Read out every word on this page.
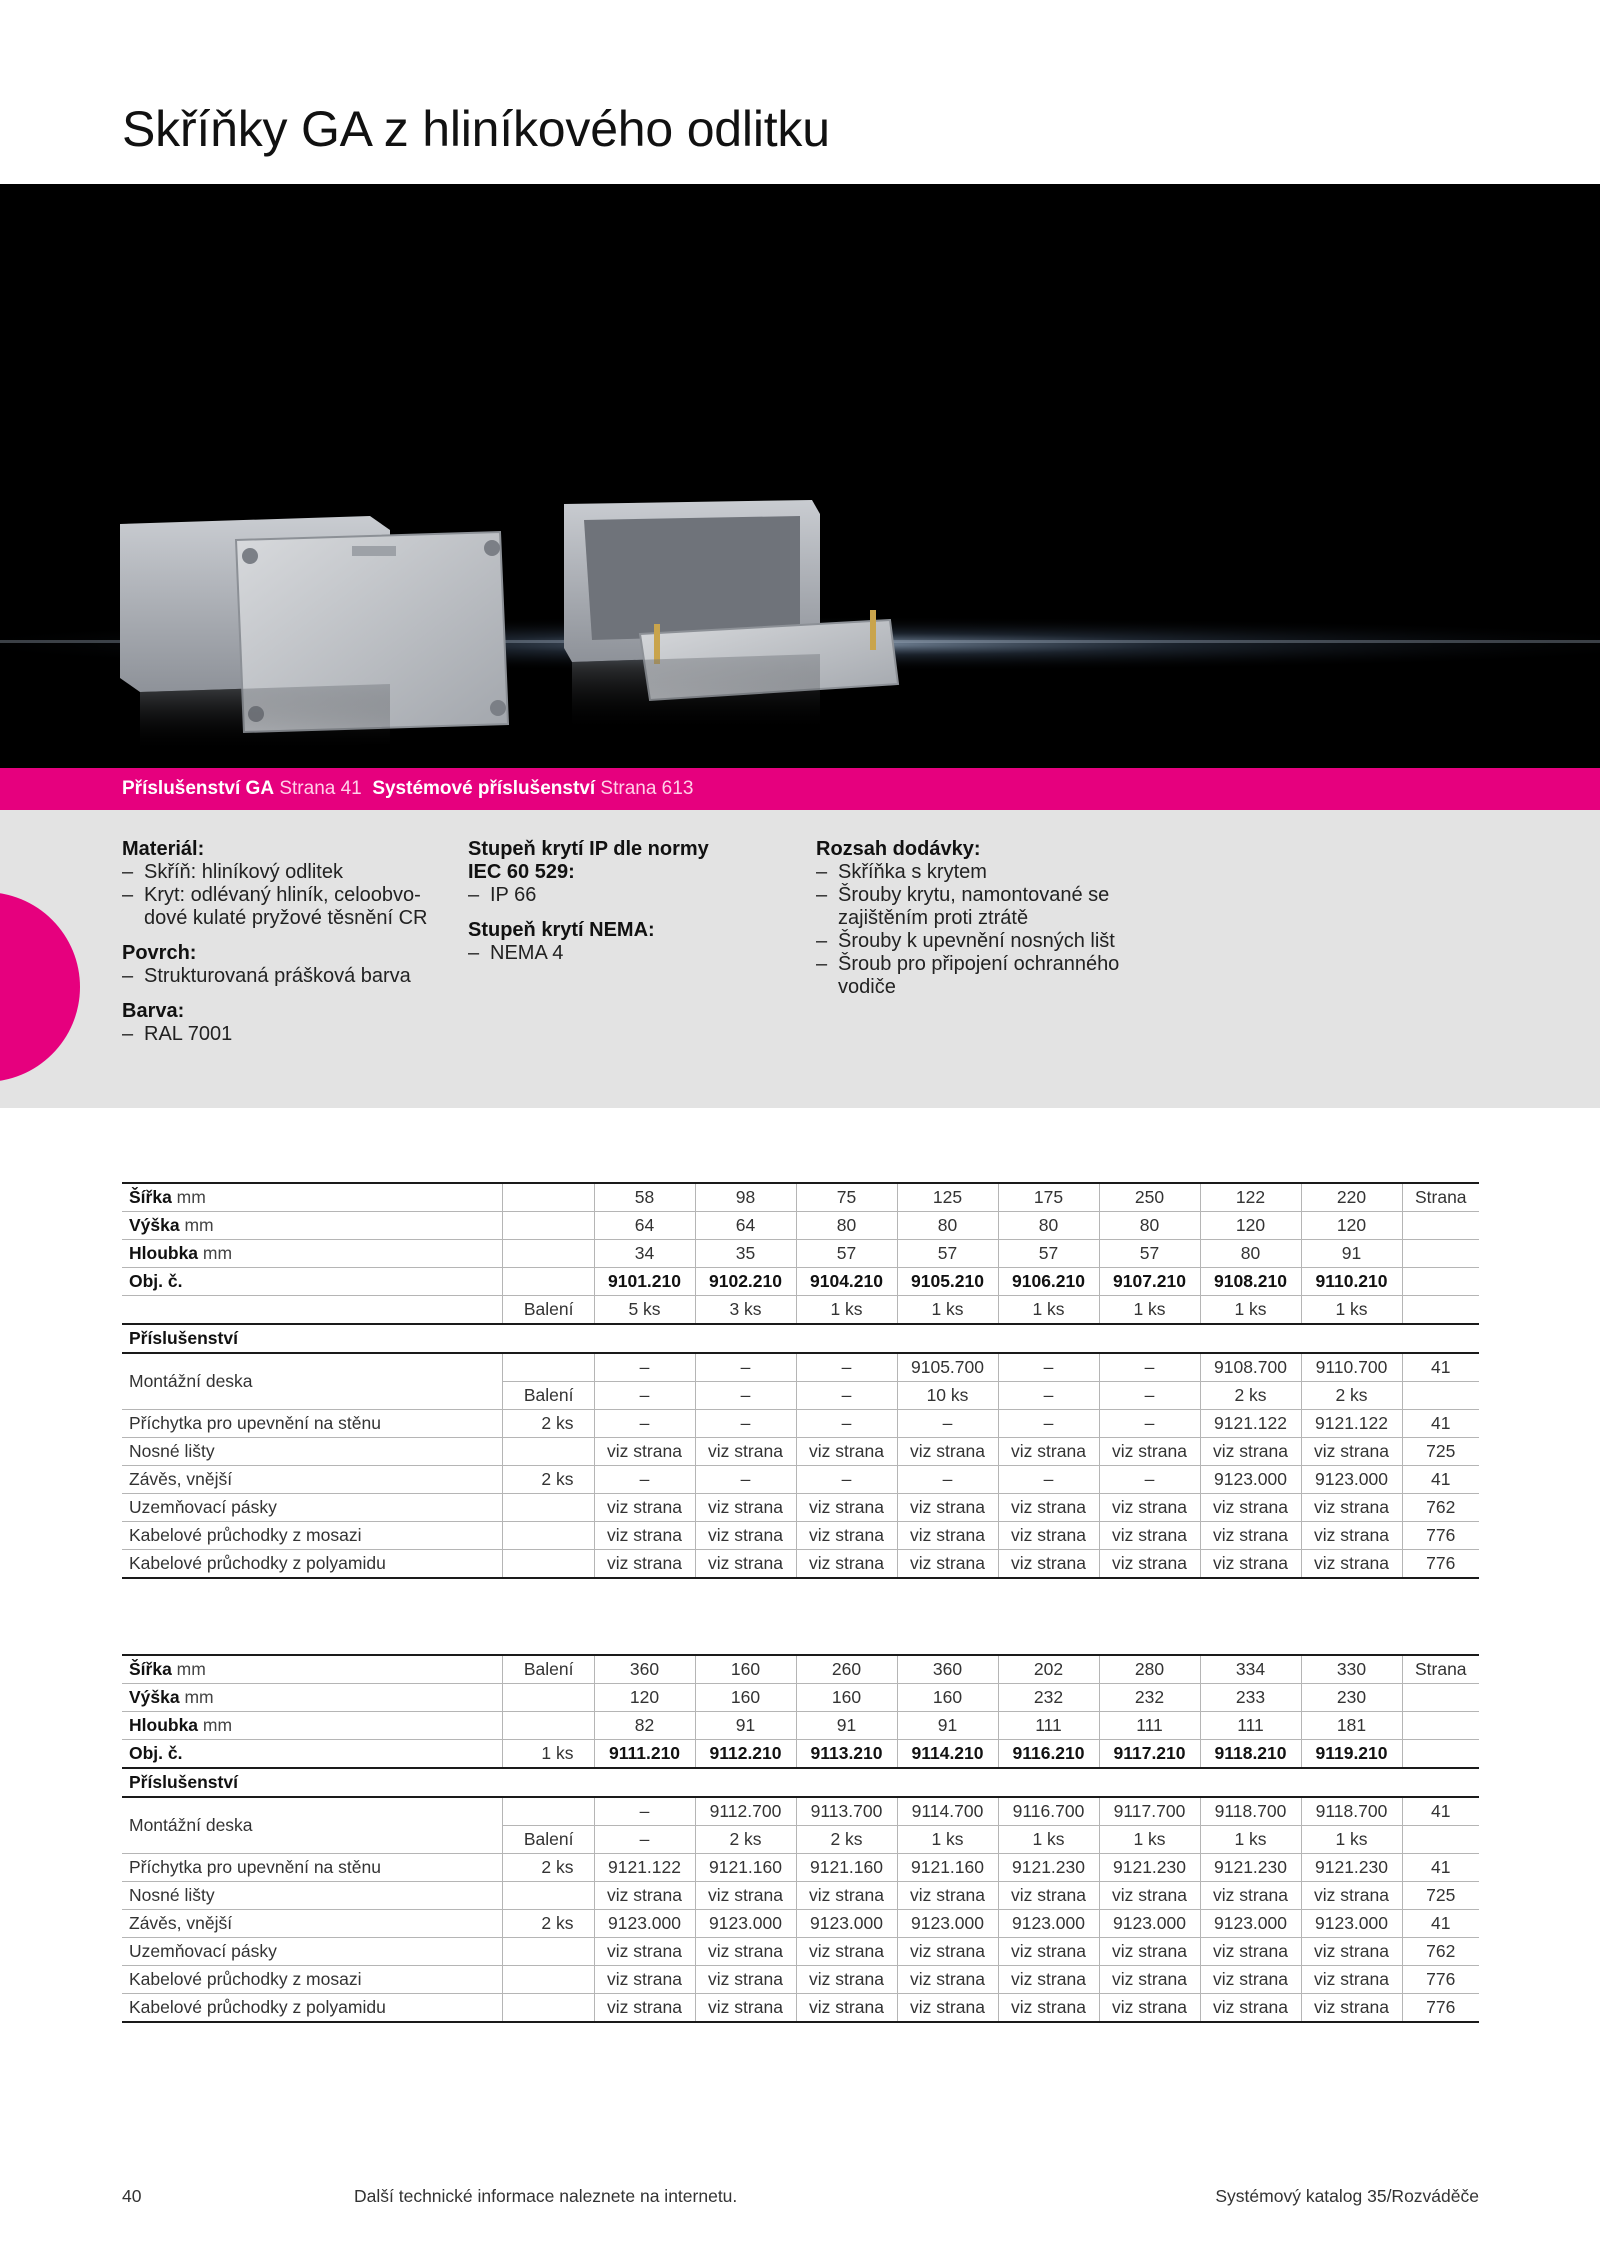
Skříňky GA z hliníkového odlitku
Příslušenství GA Strana 41 Systémové příslušenství Strana 613
Materiál:
– Skříň: hliníkový odlitek
– Kryt: odlévaný hliník, celoobvo-dové kulaté pryžové těsnění CR
Povrch:
– Strukturovaná prášková barva
Barva:
– RAL 7001
Stupeň krytí IP dle normy
IEC 60 529:
– IP 66
Stupeň krytí NEMA:
– NEMA 4
Rozsah dodávky:
– Skříňka s krytem
– Šrouby krytu, namontované se zajištěním proti ztrátě
– Šrouby k upevnění nosných lišt
– Šroub pro připojení ochranného vodiče
Šířka mm		58	98	75	125	175	250	122	220	Strana
Výška mm		64	64	80	80	80	80	120	120	
Hloubka mm		34	35	57	57	57	57	80	91	
Obj. č.		9101.210	9102.210	9104.210	9105.210	9106.210	9107.210	9108.210	9110.210	
	Balení	5 ks	3 ks	1 ks	1 ks	1 ks	1 ks	1 ks	1 ks	
Příslušenství										
Montážní deska		–	–	–	9105.700	–	–	9108.700	9110.700	41
	Balení	–	–	–	10 ks	–	–	2 ks	2 ks	
Příchytka pro upevnění na stěnu	2 ks	–	–	–	–	–	–	9121.122	9121.122	41
Nosné lišty		viz strana	viz strana	viz strana	viz strana	viz strana	viz strana	viz strana	viz strana	725
Závěs, vnější	2 ks	–	–	–	–	–	–	9123.000	9123.000	41
Uzemňovací pásky		viz strana	viz strana	viz strana	viz strana	viz strana	viz strana	viz strana	viz strana	762
Kabelové průchodky z mosazi		viz strana	viz strana	viz strana	viz strana	viz strana	viz strana	viz strana	viz strana	776
Kabelové průchodky z polyamidu		viz strana	viz strana	viz strana	viz strana	viz strana	viz strana	viz strana	viz strana	776
Šířka mm	Balení	360	160	260	360	202	280	334	330	Strana
Výška mm		120	160	160	160	232	232	233	230	
Hloubka mm		82	91	91	91	111	111	111	181	
Obj. č.	1 ks	9111.210	9112.210	9113.210	9114.210	9116.210	9117.210	9118.210	9119.210	
Příslušenství										
Montážní deska		–	9112.700	9113.700	9114.700	9116.700	9117.700	9118.700	9118.700	41
	Balení	–	2 ks	2 ks	1 ks	1 ks	1 ks	1 ks	1 ks	
Příchytka pro upevnění na stěnu	2 ks	9121.122	9121.160	9121.160	9121.160	9121.230	9121.230	9121.230	9121.230	41
Nosné lišty		viz strana	viz strana	viz strana	viz strana	viz strana	viz strana	viz strana	viz strana	725
Závěs, vnější	2 ks	9123.000	9123.000	9123.000	9123.000	9123.000	9123.000	9123.000	9123.000	41
Uzemňovací pásky		viz strana	viz strana	viz strana	viz strana	viz strana	viz strana	viz strana	viz strana	762
Kabelové průchodky z mosazi		viz strana	viz strana	viz strana	viz strana	viz strana	viz strana	viz strana	viz strana	776
Kabelové průchodky z polyamidu		viz strana	viz strana	viz strana	viz strana	viz strana	viz strana	viz strana	viz strana	776
40	Další technické informace naleznete na internetu.	Systémový katalog 35/Rozváděče
